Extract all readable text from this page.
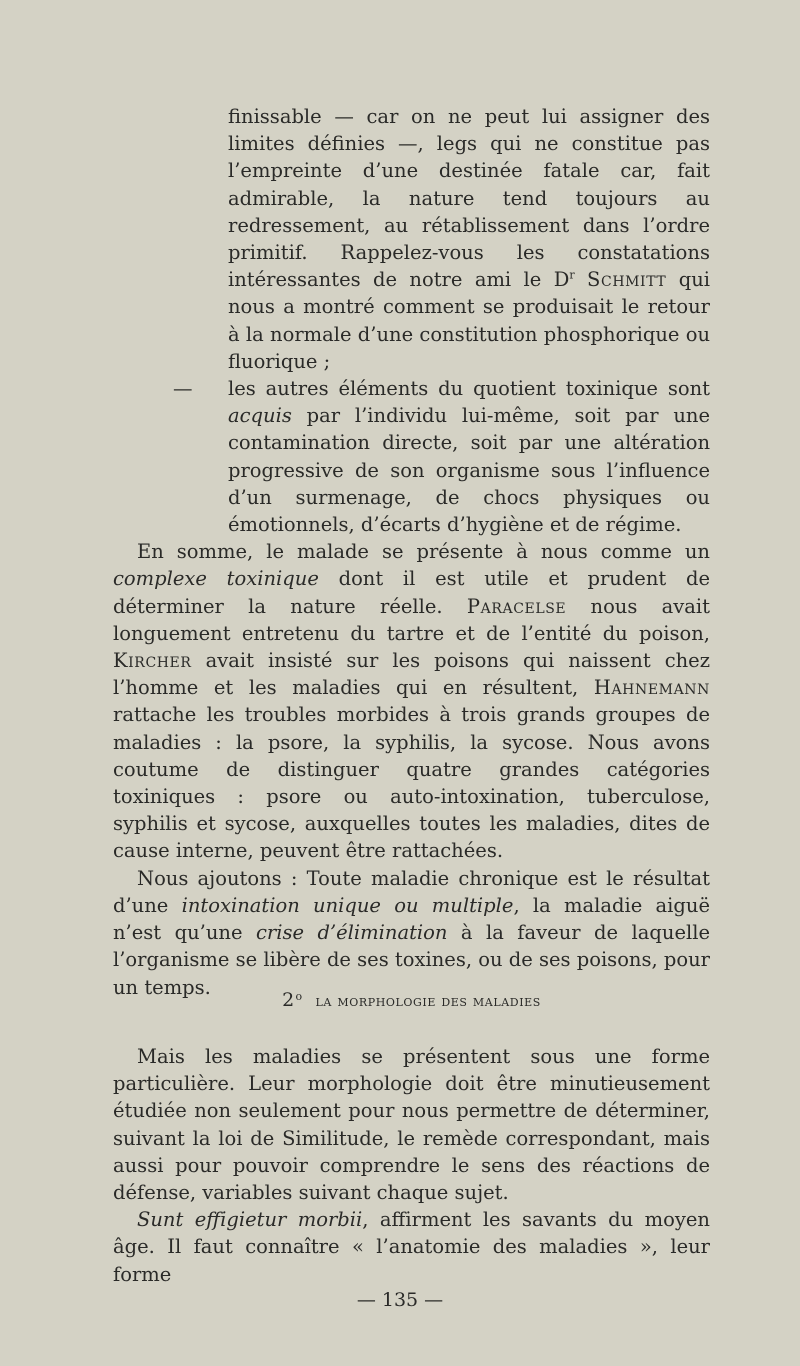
finissable — car on ne peut lui assigner des limites définies —, legs qui ne constitue pas l’empreinte d’une destinée fatale car, fait admirable, la nature tend toujours au redressement, au rétablissement dans l’ordre primitif. Rappelez-vous les constatations intéressantes de notre ami le $D^r$ Schmitt qui nous a montré comment se produisait le retour à la normale d’une constitution phosphorique ou fluorique ;

— les autres éléments du quotient toxinique sont acquis par l’individu lui-même, soit par une contamination directe, soit par une altération progressive de son organisme sous l’influence d’un surmenage, de chocs physiques ou émotionnels, d’écarts d’hygiène et de régime.

En somme, le malade se présente à nous comme un complexe toxinique dont il est utile et prudent de déterminer la nature réelle. Paracelse nous avait longuement entretenu du tartre et de l’entité du poison, Kircher avait insisté sur les poisons qui naissent chez l’homme et les maladies qui en résultent, Hahnemann rattache les troubles morbides à trois grands groupes de maladies : la psore, la syphilis, la sycose. Nous avons coutume de distinguer quatre grandes catégories toxiniques : psore ou auto-intoxination, tuberculose, syphilis et sycose, auxquelles toutes les maladies, dites de cause interne, peuvent être rattachées.

Nous ajoutons : Toute maladie chronique est le résultat d’une intoxination unique ou multiple, la maladie aiguë n’est qu’une crise d’élimination à la faveur de laquelle l’organisme se libère de ses toxines, ou de ses poisons, pour un temps.

2$^o$ la morphologie des maladies

Mais les maladies se présentent sous une forme particulière. Leur morphologie doit être minutieusement étudiée non seulement pour nous permettre de déterminer, suivant la loi de Similitude, le remède correspondant, mais aussi pour pouvoir comprendre le sens des réactions de défense, variables suivant chaque sujet.

Sunt effigietur morbii, affirment les savants du moyen âge. Il faut connaître « l’anatomie des maladies », leur forme

— 135 —
